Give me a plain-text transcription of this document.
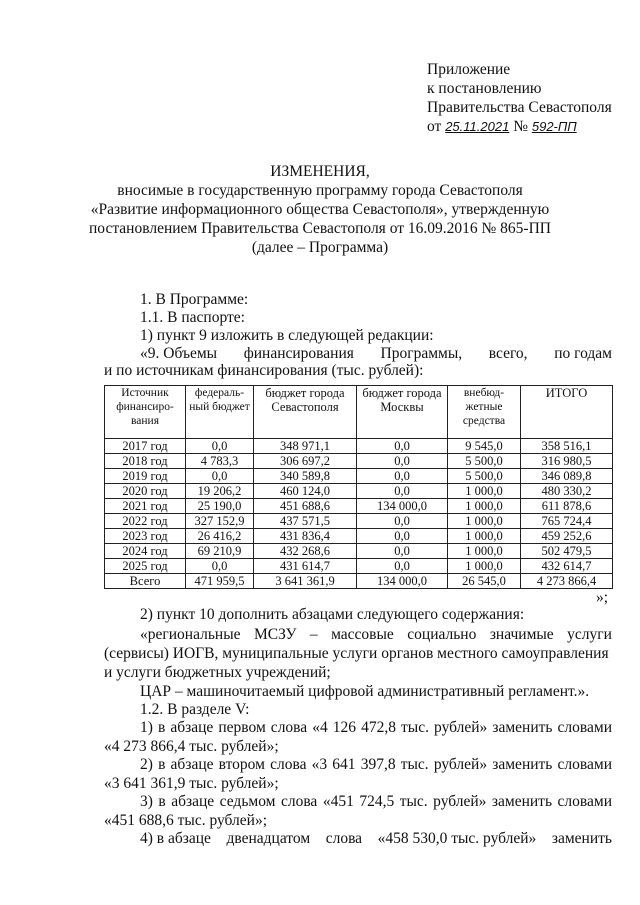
Приложение
к постановлению
Правительства Севастополя
от 25.11.2021 № 592-ПП
ИЗМЕНЕНИЯ,
вносимые в государственную программу города Севастополя
«Развитие информационного общества Севастополя», утвержденную
постановлением Правительства Севастополя от 16.09.2016 № 865-ПП
(далее – Программа)
1. В Программе:
1.1. В паспорте:
1) пункт 9 изложить в следующей редакции:
«9. Объемы финансирования Программы, всего, по годам
и по источникам финансирования (тыс. рублей):
Источник финансиро-вания	федераль-ный бюджет	бюджет города Севастополя	бюджет города Москвы	внебюд-жетные средства	ИТОГО
2017 год	0,0	348 971,1	0,0	9 545,0	358 516,1
2018 год	4 783,3	306 697,2	0,0	5 500,0	316 980,5
2019 год	0,0	340 589,8	0,0	5 500,0	346 089,8
2020 год	19 206,2	460 124,0	0,0	1 000,0	480 330,2
2021 год	25 190,0	451 688,6	134 000,0	1 000,0	611 878,6
2022 год	327 152,9	437 571,5	0,0	1 000,0	765 724,4
2023 год	26 416,2	431 836,4	0,0	1 000,0	459 252,6
2024 год	69 210,9	432 268,6	0,0	1 000,0	502 479,5
2025 год	0,0	431 614,7	0,0	1 000,0	432 614,7
Всего	471 959,5	3 641 361,9	134 000,0	26 545,0	4 273 866,4
»;
2) пункт 10 дополнить абзацами следующего содержания:
«региональные МСЗУ – массовые социально значимые услуги
(сервисы) ИОГВ, муниципальные услуги органов местного самоуправления
и услуги бюджетных учреждений;
ЦАР – машиночитаемый цифровой административный регламент.».
1.2. В разделе V:
1) в абзаце первом слова «4 126 472,8 тыс. рублей» заменить словами
«4 273 866,4 тыс. рублей»;
2) в абзаце втором слова «3 641 397,8 тыс. рублей» заменить словами
«3 641 361,9 тыс. рублей»;
3) в абзаце седьмом слова «451 724,5 тыс. рублей» заменить словами
«451 688,6 тыс. рублей»;
4) в абзаце двенадцатом слова «458 530,0 тыс. рублей» заменить
